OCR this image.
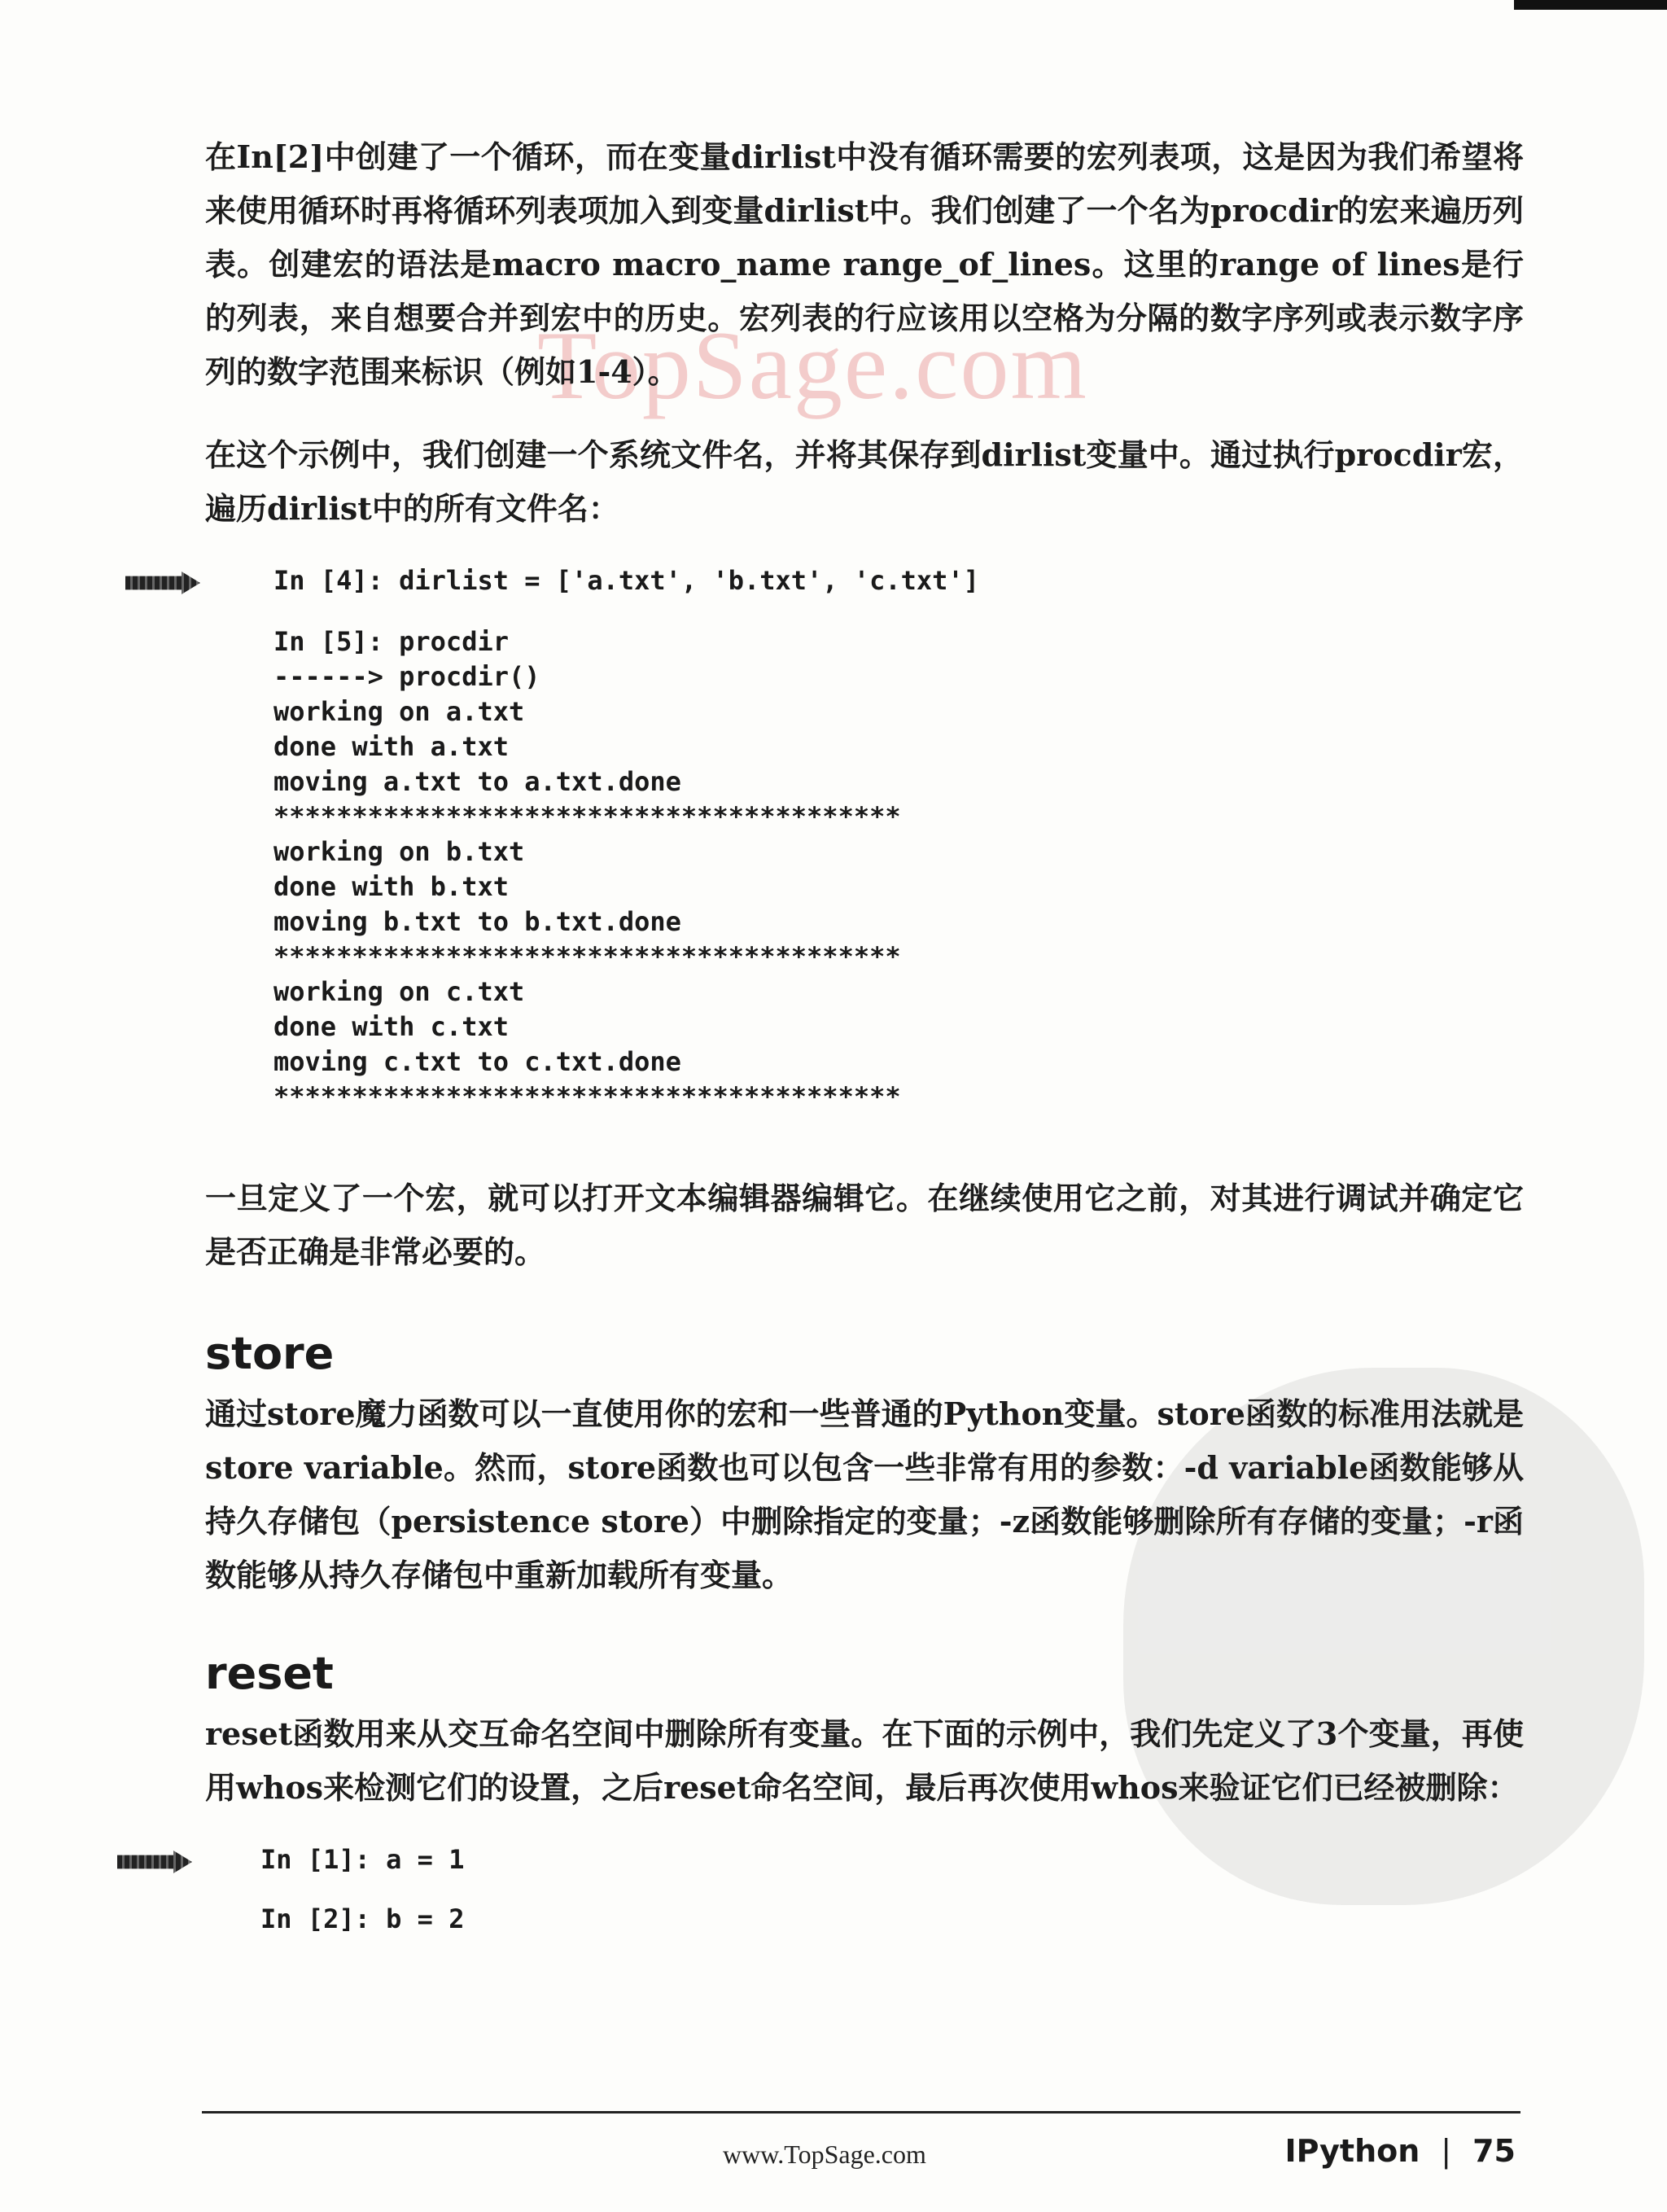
TopSage.com

在In[2]中创建了一个循环，而在变量dirlist中没有循环需要的宏列表项，这是因为我们希望将来使用循环时再将循环列表项加入到变量dirlist中。我们创建了一个名为procdir的宏来遍历列表。创建宏的语法是macro macro_name range_of_lines。这里的range of lines是行的列表，来自想要合并到宏中的历史。宏列表的行应该用以空格为分隔的数字序列或表示数字序列的数字范围来标识（例如1-4）。

在这个示例中，我们创建一个系统文件名，并将其保存到dirlist变量中。通过执行procdir宏，遍历dirlist中的所有文件名：

In [4]: dirlist = ['a.txt', 'b.txt', 'c.txt']
In [5]: procdir
------> procdir()
working on a.txt
done with a.txt
moving a.txt to a.txt.done
****************************************
working on b.txt
done with b.txt
moving b.txt to b.txt.done
****************************************
working on c.txt
done with c.txt
moving c.txt to c.txt.done
****************************************

一旦定义了一个宏，就可以打开文本编辑器编辑它。在继续使用它之前，对其进行调试并确定它是否正确是非常必要的。

store

通过store魔力函数可以一直使用你的宏和一些普通的Python变量。store函数的标准用法就是store variable。然而，store函数也可以包含一些非常有用的参数：-d variable函数能够从持久存储包（persistence store）中删除指定的变量；-z函数能够删除所有存储的变量；-r函数能够从持久存储包中重新加载所有变量。

reset

reset函数用来从交互命名空间中删除所有变量。在下面的示例中，我们先定义了3个变量，再使用whos来检测它们的设置，之后reset命名空间，最后再次使用whos来验证它们已经被删除：

In [1]: a = 1
In [2]: b = 2
www.TopSage.com	IPython | 75
